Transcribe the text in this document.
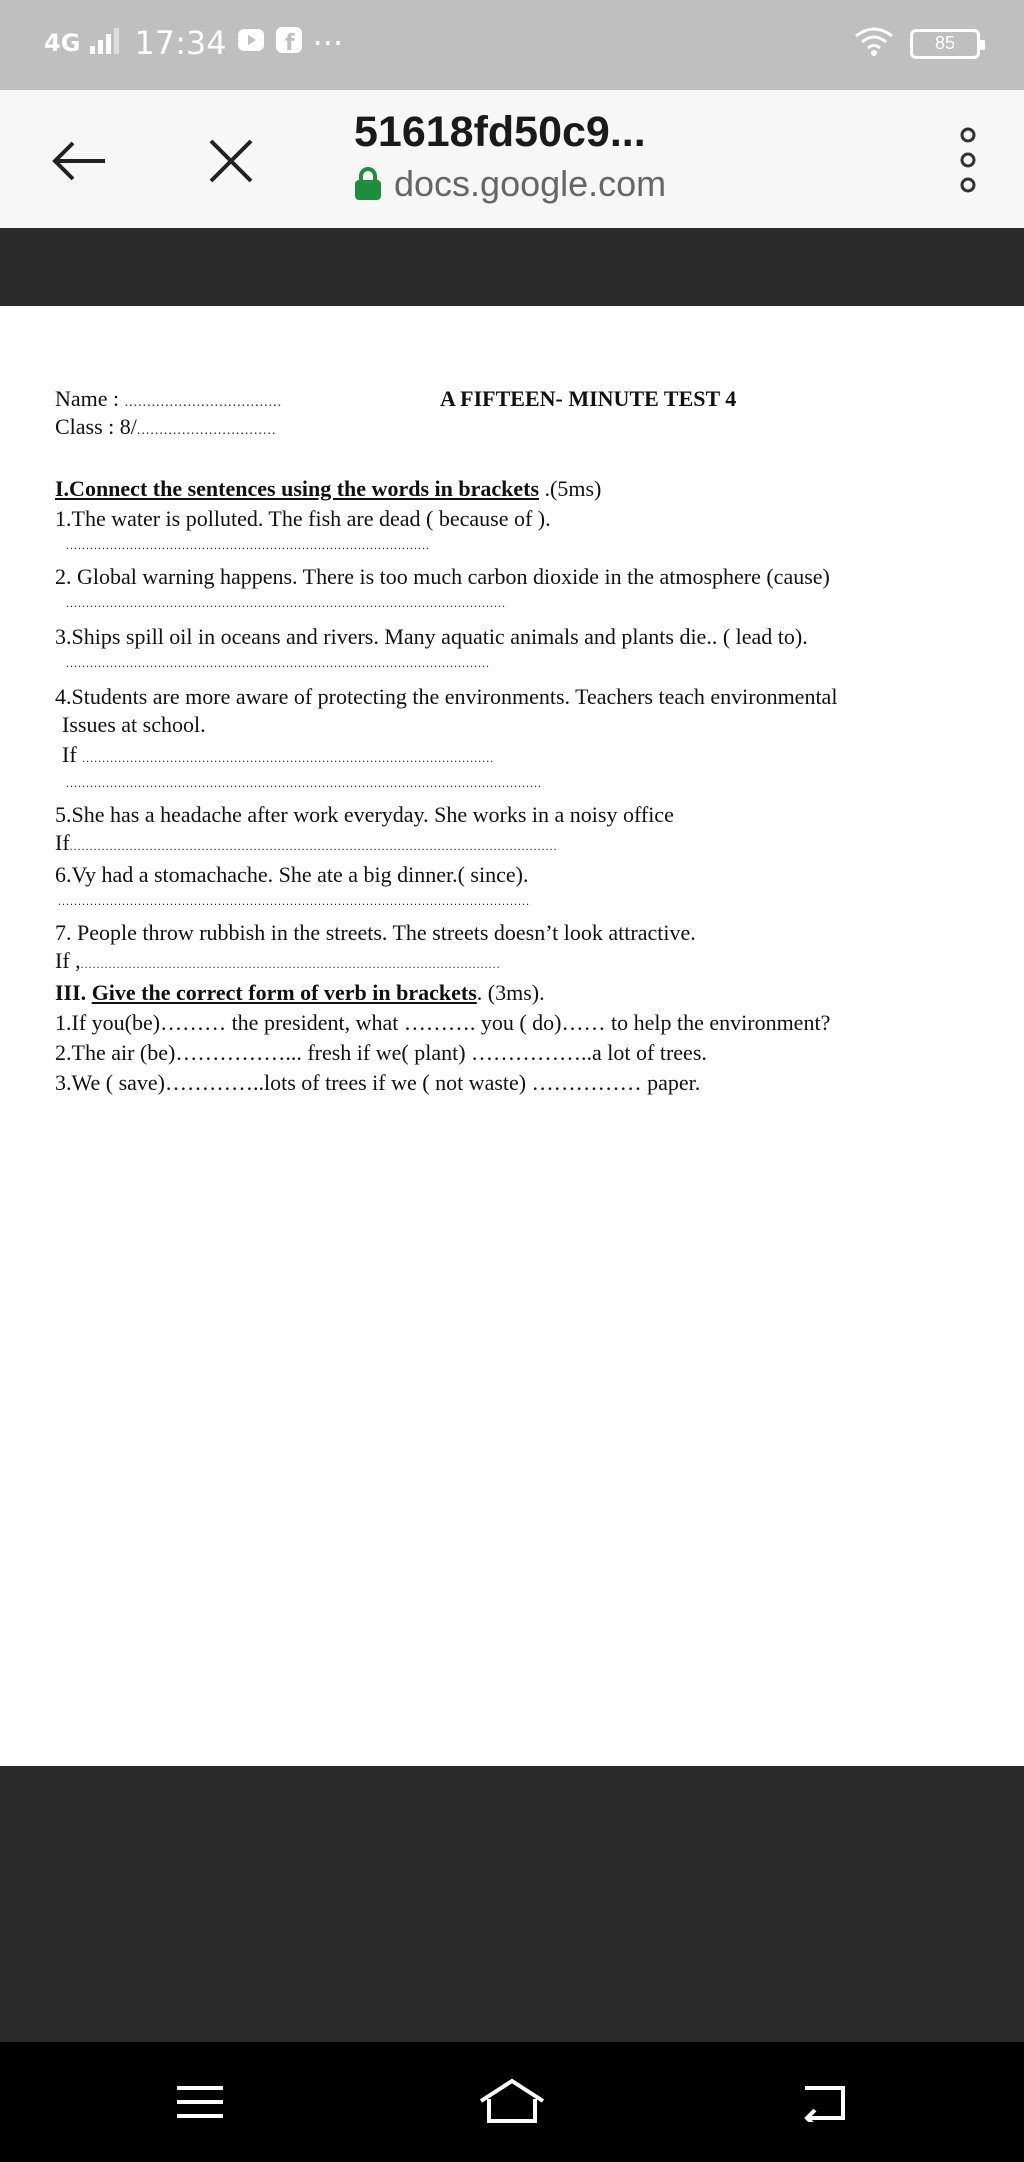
4G 17:34	f ···	85
51618fd50c9...
docs.google.com
Name : ...................................	A FIFTEEN- MINUTE TEST 4
Class : 8/...............................
I.Connect the sentences using the words in brackets .(5ms)
1.The water is polluted. The fish are dead ( because of ).
...........................................................................................
2. Global warning happens. There is too much carbon dioxide in the atmosphere (cause)
..............................................................................................................
3.Ships spill oil in oceans and rivers. Many aquatic animals and plants die.. ( lead to).
..........................................................................................................
4.Students are more aware of protecting the environments. Teachers teach environmental
Issues at school.
If .......................................................................................................
.......................................................................................................................
5.She has a headache after work everyday. She works in a noisy office
If..........................................................................................................................
6.Vy had a stomachache. She ate a big dinner.( since).
......................................................................................................................
7. People throw rubbish in the streets. The streets doesn’t look attractive.
If ,.........................................................................................................
III. Give the correct form of verb in brackets. (3ms).
1.If you(be)……… the president, what ………. you ( do)…… to help the environment?
2.The air (be)……………... fresh if we( plant) ……………..a lot of trees.
3.We ( save)…………..lots of trees if we ( not waste) …………… paper.
